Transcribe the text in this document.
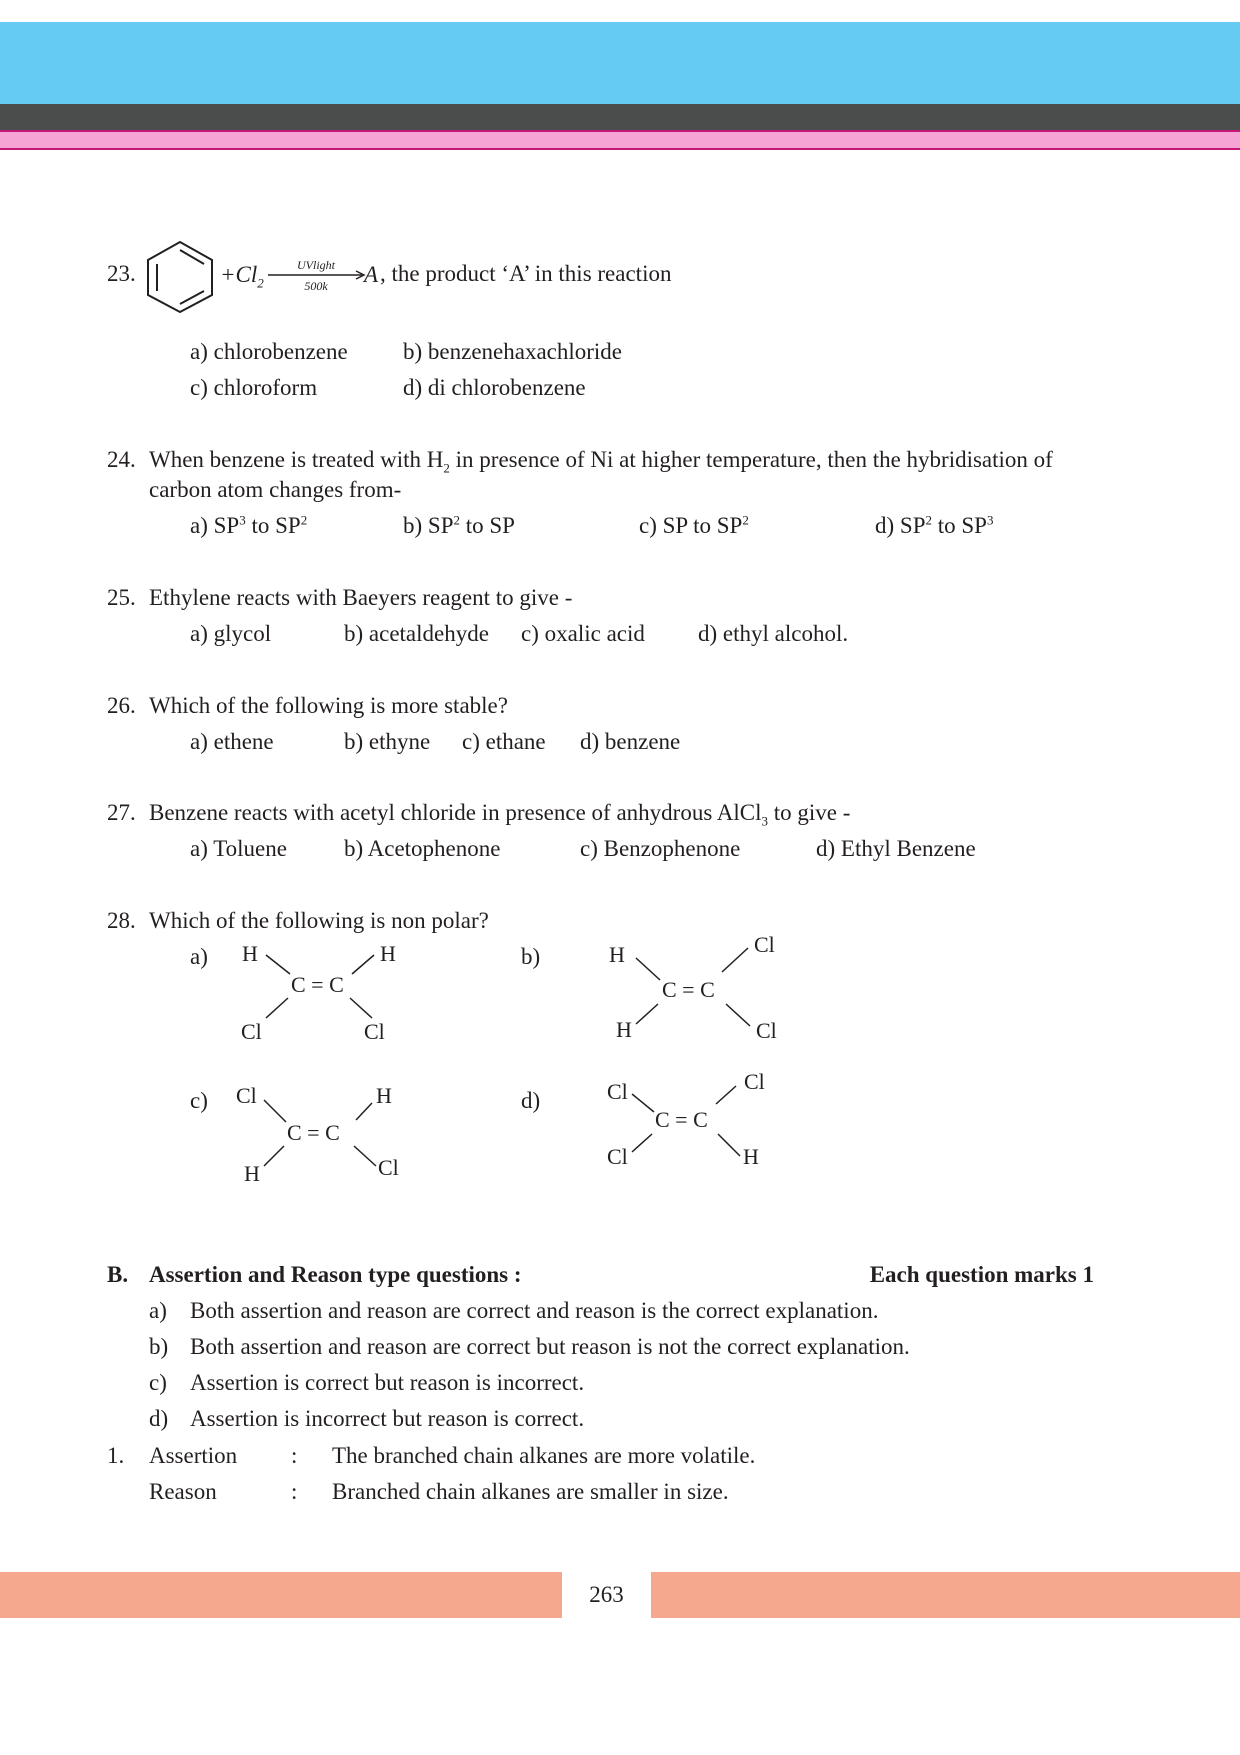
23.	$+Cl_2$
UVlight
500k	A , the product ‘A’ in this reaction
a) chlorobenzene b) benzenehaxachloride
c) chloroform	d) di chlorobenzene
24. When benzene is treated with $H_2$ in presence of Ni at higher temperature, then the hybridisation of
carbon atom changes from-
a) $SP^3$ to $SP^2$	b) $SP^2$ to SP	c) SP to $SP^2$	d) $SP^2$ to $SP^3$
25. Ethylene reacts with Baeyers reagent to give -
a) glycol	b) acetaldehyde c) oxalic acid d) ethyl alcohol.
26. Which of the following is more stable?
a) ethene	b) ethyne c) ethane d) benzene
27. Benzene reacts with acetyl chloride in presence of anhydrous AlCl$_3$ to give -
a) Toluene b) Acetophenone	c) Benzophenone	d) Ethyl Benzene
28. Which of the following is non polar?
a)	b)
c)	d)
H	H
C = C
Cl	Cl
H	Cl
C = C
H	Cl
Cl	H
C = C
H	Cl
Cl	Cl
C = C
Cl	H
B. Assertion and Reason type questions :	Each question marks 1
a) Both assertion and reason are correct and reason is the correct explanation.
b) Both assertion and reason are correct but reason is not the correct explanation.
c) Assertion is correct but reason is incorrect.
d) Assertion is incorrect but reason is correct.
1. Assertion : The branched chain alkanes are more volatile.
Reason	: Branched chain alkanes are smaller in size.
263
